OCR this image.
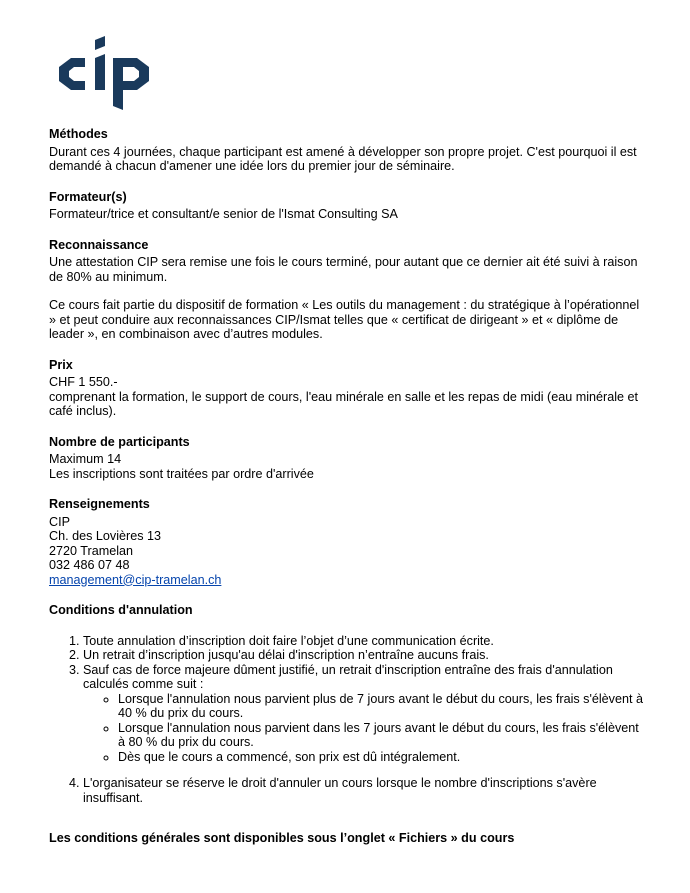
Méthodes

Durant ces 4 journées, chaque participant est amené à développer son propre projet. C'est pourquoi il est demandé à chacun d'amener une idée lors du premier jour de séminaire.

Formateur(s)

Formateur/trice et consultant/e senior de l'Ismat Consulting SA

Reconnaissance

Une attestation CIP sera remise une fois le cours terminé, pour autant que ce dernier ait été suivi à raison de 80% au minimum.

Ce cours fait partie du dispositif de formation « Les outils du management : du stratégique à l’opérationnel » et peut conduire aux reconnaissances CIP/Ismat telles que « certificat de dirigeant » et « diplôme de leader », en combinaison avec d’autres modules.

Prix

CHF 1 550.-
comprenant la formation, le support de cours, l'eau minérale en salle et les repas de midi (eau minérale et café inclus).

Nombre de participants

Maximum 14
Les inscriptions sont traitées par ordre d'arrivée

Renseignements

CIP
Ch. des Lovières 13
2720 Tramelan
032 486 07 48
management@cip-tramelan.ch

Conditions d'annulation
1. Toute annulation d’inscription doit faire l’objet d’une communication écrite.
2. Un retrait d’inscription jusqu'au délai d'inscription n’entraîne aucuns frais.
3. Sauf cas de force majeure dûment justifié, un retrait d'inscription entraîne des frais d'annulation calculés comme suit :
◦ Lorsque l'annulation nous parvient plus de 7 jours avant le début du cours, les frais s'élèvent à 40 % du prix du cours.
◦ Lorsque l'annulation nous parvient dans les 7 jours avant le début du cours, les frais s'élèvent à 80 % du prix du cours.
◦ Dès que le cours a commencé, son prix est dû intégralement.
4. L'organisateur se réserve le droit d'annuler un cours lorsque le nombre d'inscriptions s'avère insuffisant.
Les conditions générales sont disponibles sous l’onglet « Fichiers » du cours
